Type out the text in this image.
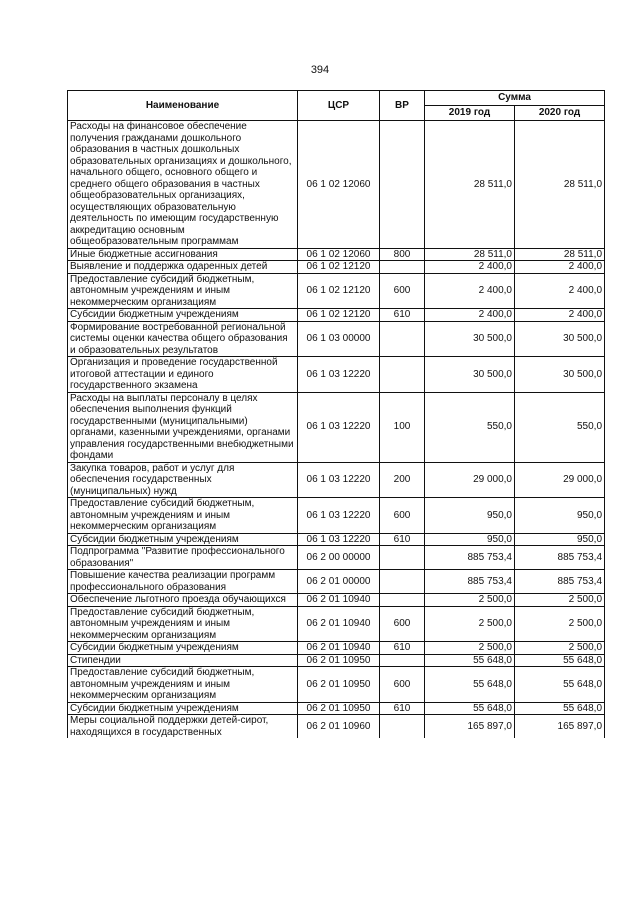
394
Наименование	ЦСР	ВР	Сумма	
			2019 год	2020 год
Расходы на финансовое обеспечение получения гражданами дошкольного образования в частных дошкольных образовательных организациях и дошкольного, начального общего, основного общего и среднего общего образования в частных общеобразовательных организациях, осуществляющих образовательную деятельность по имеющим государственную аккредитацию основным общеобразовательным программам	06 1 02 12060		28 511,0	28 511,0
Иные бюджетные ассигнования	06 1 02 12060	800	28 511,0	28 511,0
Выявление и поддержка одаренных детей	06 1 02 12120		2 400,0	2 400,0
Предоставление субсидий бюджетным, автономным учреждениям и иным некоммерческим организациям	06 1 02 12120	600	2 400,0	2 400,0
Субсидии бюджетным учреждениям	06 1 02 12120	610	2 400,0	2 400,0
Формирование востребованной региональной системы оценки качества общего образования и образовательных результатов	06 1 03 00000		30 500,0	30 500,0
Организация и проведение государственной итоговой аттестации и единого государственного экзамена	06 1 03 12220		30 500,0	30 500,0
Расходы на выплаты персоналу в целях обеспечения выполнения функций государственными (муниципальными) органами, казенными учреждениями, органами управления государственными внебюджетными фондами	06 1 03 12220	100	550,0	550,0
Закупка товаров, работ и услуг для обеспечения государственных (муниципальных) нужд	06 1 03 12220	200	29 000,0	29 000,0
Предоставление субсидий бюджетным, автономным учреждениям и иным некоммерческим организациям	06 1 03 12220	600	950,0	950,0
Субсидии бюджетным учреждениям	06 1 03 12220	610	950,0	950,0
Подпрограмма "Развитие профессионального образования"	06 2 00 00000		885 753,4	885 753,4
Повышение качества реализации программ профессионального образования	06 2 01 00000		885 753,4	885 753,4
Обеспечение льготного проезда обучающихся	06 2 01 10940		2 500,0	2 500,0
Предоставление субсидий бюджетным, автономным учреждениям и иным некоммерческим организациям	06 2 01 10940	600	2 500,0	2 500,0
Субсидии бюджетным учреждениям	06 2 01 10940	610	2 500,0	2 500,0
Стипендии	06 2 01 10950		55 648,0	55 648,0
Предоставление субсидий бюджетным, автономным учреждениям и иным некоммерческим организациям	06 2 01 10950	600	55 648,0	55 648,0
Субсидии бюджетным учреждениям	06 2 01 10950	610	55 648,0	55 648,0
Меры социальной поддержки детей-сирот, находящихся в государственных	06 2 01 10960		165 897,0	165 897,0
